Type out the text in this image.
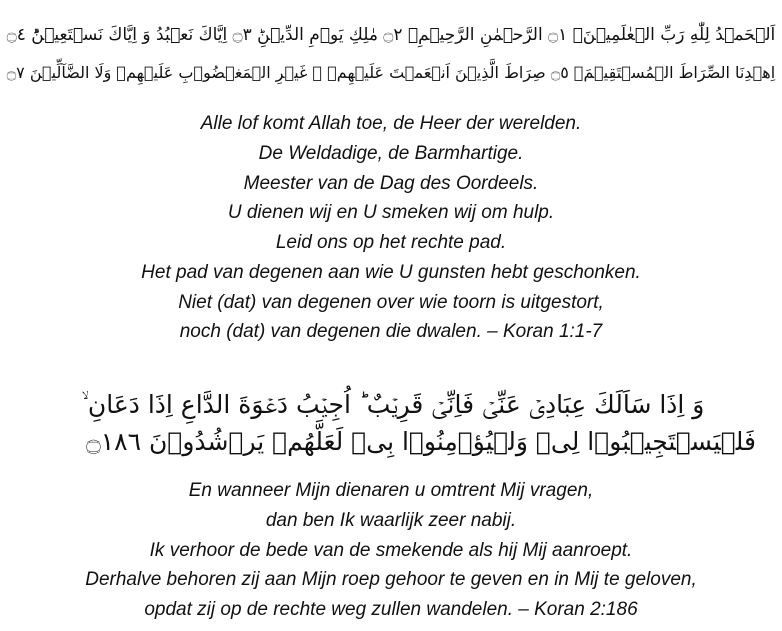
اَلۡحَمۡدُ لِلّٰهِ رَبِّ الۡعٰلَمِيۡنَۙ ۝١ الرَّحۡمٰنِ الرَّحِيۡمِۙ ۝٢ مٰلِكِ يَوۡمِ الدِّيۡنِؕ ۝٣ اِيَّاكَ نَعۡبُدُ وَ اِيَّاكَ نَسۡتَعِيۡنُؕ ۝٤
اِهۡدِنَا الصِّرَاطَ الۡمُسۡتَقِيۡمَۙ ۝٥ صِرَاطَ الَّذِيۡنَ اَنۡعَمۡتَ عَلَيۡهِمۡ ۙ غَيۡرِ الۡمَغۡضُوۡبِ عَلَيۡهِمۡ وَلَا الضَّآلِّيۡنَ ۝٧
Alle lof komt Allah toe, de Heer der werelden.
De Weldadige, de Barmhartige.
Meester van de Dag des Oordeels.
U dienen wij en U smeken wij om hulp.
Leid ons op het rechte pad.
Het pad van degenen aan wie U gunsten hebt geschonken.
Niet (dat) van degenen over wie toorn is uitgestort,
noch (dat) van degenen die dwalen. – Koran 1:1-7
وَ اِذَا سَاَلَكَ عِبَادِىۡ عَنِّىۡ فَاِنِّىۡ قَرِيۡبٌ ؕ اُجِيۡبُ دَعۡوَةَ الدَّاعِ اِذَا دَعَانِ ۙ
فَلۡيَسۡتَجِيۡبُوۡا لِىۡ وَلۡيُؤۡمِنُوۡا بِىۡ لَعَلَّهُمۡ يَرۡشُدُوۡنَ ۝١٨٦
En wanneer Mijn dienaren u omtrent Mij vragen,
dan ben Ik waarlijk zeer nabij.
Ik verhoor de bede van de smekende als hij Mij aanroept.
Derhalve behoren zij aan Mijn roep gehoor te geven en in Mij te geloven,
opdat zij op de rechte weg zullen wandelen. – Koran 2:186
